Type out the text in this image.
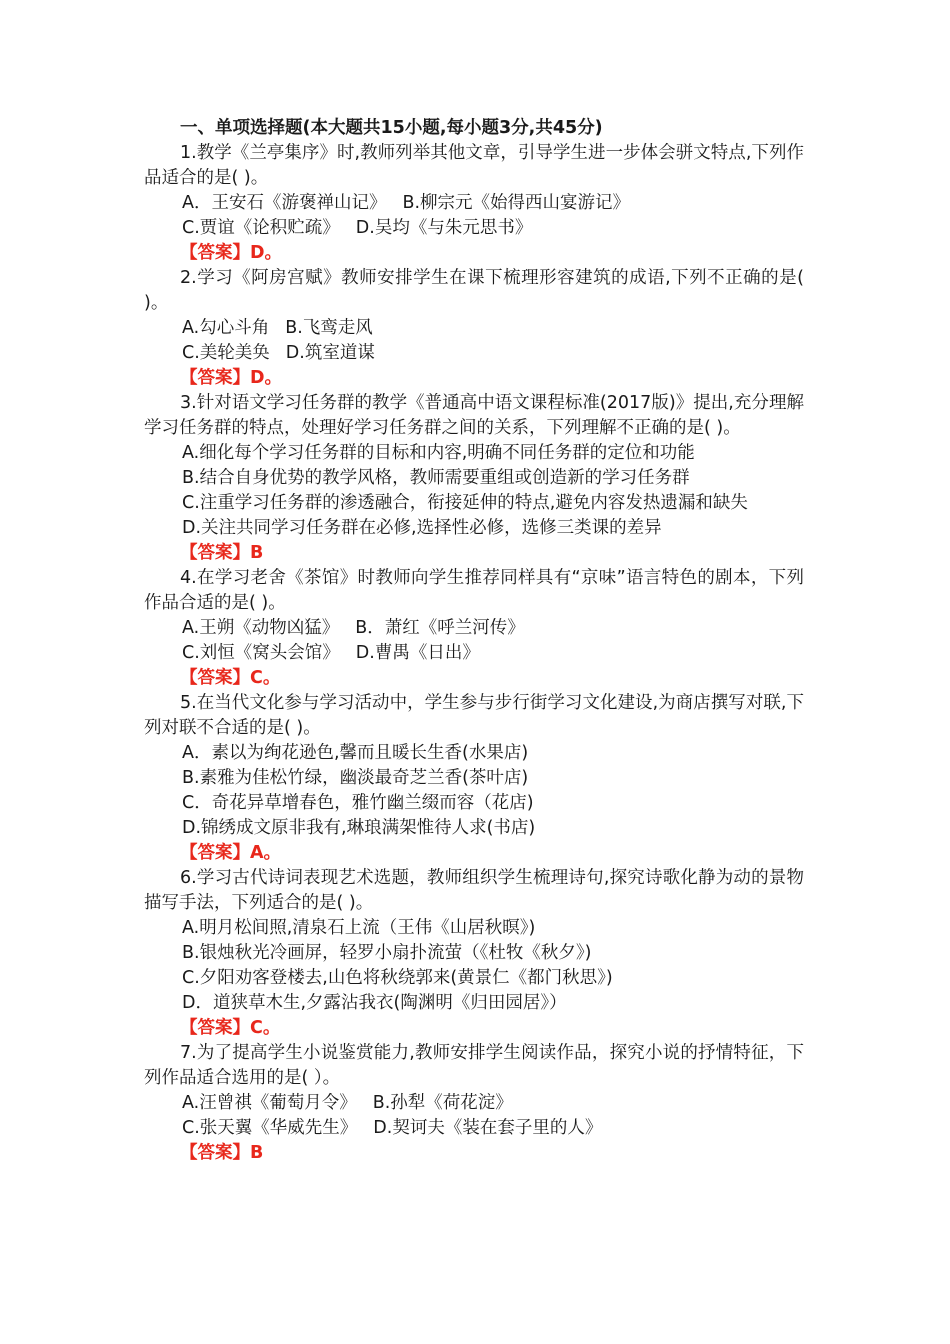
一、单项选择题(本大题共15小题,每小题3分,共45分)
1.教学《兰亭集序》时,教师列举其他文章，引导学生进一步体会骈文特点,下列作品适合的是( )。
A．王安石《游褒禅山记》 B.柳宗元《始得西山宴游记》
C.贾谊《论积贮疏》 D.吴均《与朱元思书》
【答案】D。
2.学习《阿房宫赋》教师安排学生在课下梳理形容建筑的成语,下列不正确的是( )。
A.勾心斗角 B.飞鸾走风
C.美轮美奂 D.筑室道谋
【答案】D。
3.针对语文学习任务群的教学《普通高中语文课程标准(2017版)》提出,充分理解学习任务群的特点，处理好学习任务群之间的关系，下列理解不正确的是( )。
A.细化每个学习任务群的目标和内容,明确不同任务群的定位和功能
B.结合自身优势的教学风格，教师需要重组或创造新的学习任务群
C.注重学习任务群的渗透融合，衔接延伸的特点,避免内容发热遗漏和缺失
D.关注共同学习任务群在必修,选择性必修，选修三类课的差异
【答案】B
4.在学习老舍《茶馆》时教师向学生推荐同样具有“京味”语言特色的剧本，下列作品合适的是( )。
A.王朔《动物凶猛》 B．萧红《呼兰河传》
C.刘恒《窝头会馆》 D.曹禺《日出》
【答案】C。
5.在当代文化参与学习活动中，学生参与步行街学习文化建设,为商店撰写对联,下列对联不合适的是( )。
A．素以为绚花逊色,馨而且暖长生香(水果店)
B.素雅为佳松竹绿，幽淡最奇芝兰香(茶叶店)
C．奇花异草增春色，雅竹幽兰缀而容（花店)
D.锦绣成文原非我有,琳琅满架惟待人求(书店)
【答案】A。
6.学习古代诗词表现艺术选题，教师组织学生梳理诗句,探究诗歌化静为动的景物描写手法，下列适合的是( )。
A.明月松间照,清泉石上流（王伟《山居秋暝》)
B.银烛秋光冷画屏，轻罗小扇扑流萤（《杜牧《秋夕》)
C.夕阳劝客登楼去,山色将秋绕郭来(黄景仁《都门秋思》)
D．道狭草木生,夕露沾我衣(陶渊明《归田园居》）
【答案】C。
7.为了提高学生小说鉴赏能力,教师安排学生阅读作品，探究小说的抒情特征，下列作品适合选用的是( ）。
A.汪曾祺《葡萄月令》 B.孙犁《荷花淀》
C.张天翼《华威先生》 D.契诃夫《装在套子里的人》
【答案】B
